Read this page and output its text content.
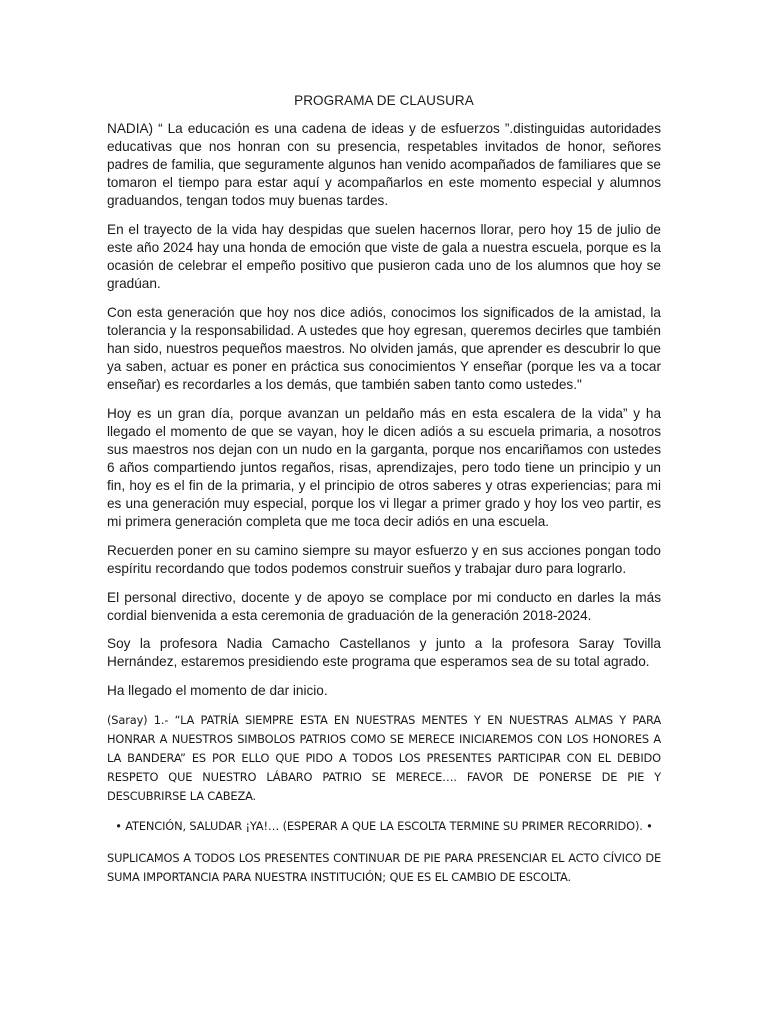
PROGRAMA DE CLAUSURA

NADIA) “ La educación es una cadena de ideas y de esfuerzos ”.distinguidas autoridades educativas que nos honran con su presencia, respetables invitados de honor, señores padres de familia, que seguramente algunos han venido acompañados de familiares que se tomaron el tiempo para estar aquí y acompañarlos en este momento especial y alumnos graduandos, tengan todos muy buenas tardes.

En el trayecto de la vida hay despidas que suelen hacernos llorar, pero hoy 15 de julio de este año 2024 hay una honda de emoción que viste de gala a nuestra escuela, porque es la ocasión de celebrar el empeño positivo que pusieron cada uno de los alumnos que hoy se gradúan.

Con esta generación que hoy nos dice adiós, conocimos los significados de la amistad, la tolerancia y la responsabilidad. A ustedes que hoy egresan, queremos decirles que también han sido, nuestros pequeños maestros. No olviden jamás, que aprender es descubrir lo que ya saben, actuar es poner en práctica sus conocimientos Y enseñar (porque les va a tocar enseñar) es recordarles a los demás, que también saben tanto como ustedes."

Hoy es un gran día, porque avanzan un peldaño más en esta escalera de la vida” y ha llegado el momento de que se vayan, hoy le dicen adiós a su escuela primaria, a nosotros sus maestros nos dejan con un nudo en la garganta, porque nos encariñamos con ustedes 6 años compartiendo juntos regaños, risas, aprendizajes, pero todo tiene un principio y un fin, hoy es el fin de la primaria, y el principio de otros saberes y otras experiencias; para mi es una generación muy especial, porque los vi llegar a primer grado y hoy los veo partir, es mi primera generación completa que me toca decir adiós en una escuela.

Recuerden poner en su camino siempre su mayor esfuerzo y en sus acciones pongan todo espíritu recordando que todos podemos construir sueños y trabajar duro para lograrlo.

El personal directivo, docente y de apoyo se complace por mi conducto en darles la más cordial bienvenida a esta ceremonia de graduación de la generación 2018-2024.

Soy la profesora Nadia Camacho Castellanos y junto a la profesora Saray Tovilla Hernández, estaremos presidiendo este programa que esperamos sea de su total agrado.

Ha llegado el momento de dar inicio.

(Saray) 1.- “LA PATRÍA SIEMPRE ESTA EN NUESTRAS MENTES Y EN NUESTRAS ALMAS Y PARA HONRAR A NUESTROS SIMBOLOS PATRIOS COMO SE MERECE INICIAREMOS CON LOS HONORES A LA BANDERA” ES POR ELLO QUE PIDO A TODOS LOS PRESENTES PARTICIPAR CON EL DEBIDO RESPETO QUE NUESTRO LÁBARO PATRIO SE MERECE…. FAVOR DE PONERSE DE PIE Y DESCUBRIRSE LA CABEZA.

• ATENCIÓN, SALUDAR ¡YA!… (ESPERAR A QUE LA ESCOLTA TERMINE SU PRIMER RECORRIDO). •

SUPLICAMOS A TODOS LOS PRESENTES CONTINUAR DE PIE PARA PRESENCIAR EL ACTO CÍVICO DE SUMA IMPORTANCIA PARA NUESTRA INSTITUCIÓN; QUE ES EL CAMBIO DE ESCOLTA.
